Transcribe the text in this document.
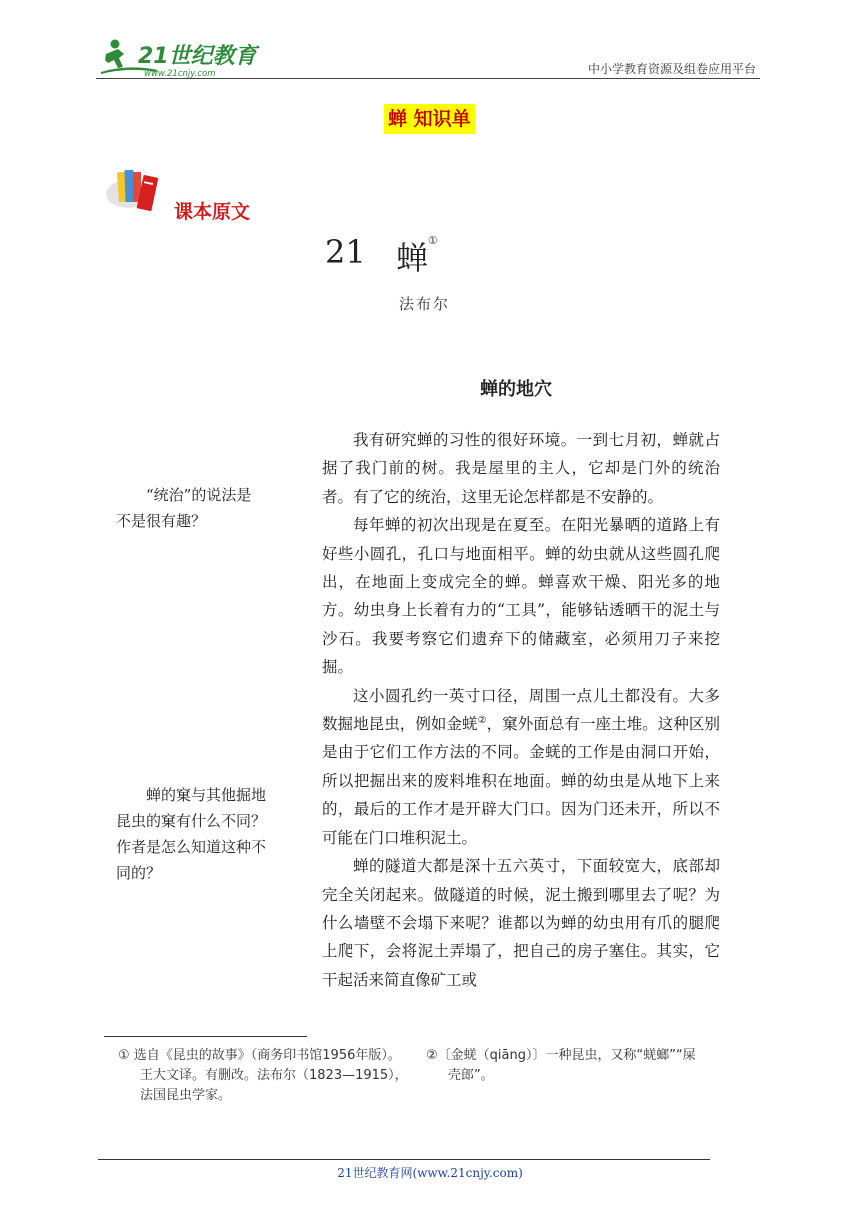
21世纪教育
www.21cnjy.com	中小学教育资源及组卷应用平台
蝉 知识单
课本原文
21 蝉 ①
法布尔
蝉的地穴

我有研究蝉的习性的很好环境。一到七月初，蝉就占据了我门前的树。我是屋里的主人，它却是门外的统治者。有了它的统治，这里无论怎样都是不安静的。

每年蝉的初次出现是在夏至。在阳光暴晒的道路上有好些小圆孔，孔口与地面相平。蝉的幼虫就从这些圆孔爬出，在地面上变成完全的蝉。蝉喜欢干燥、阳光多的地方。幼虫身上长着有力的“工具”，能够钻透晒干的泥土与沙石。我要考察它们遗弃下的储藏室，必须用刀子来挖掘。

这小圆孔约一英寸口径，周围一点儿土都没有。大多数掘地昆虫，例如金蜣②，窠外面总有一座土堆。这种区别是由于它们工作方法的不同。金蜣的工作是由洞口开始，所以把掘出来的废料堆积在地面。蝉的幼虫是从地下上来的，最后的工作才是开辟大门口。因为门还未开，所以不可能在门口堆积泥土。

蝉的隧道大都是深十五六英寸，下面较宽大，底部却完全关闭起来。做隧道的时候，泥土搬到哪里去了呢？为什么墙壁不会塌下来呢？谁都以为蝉的幼虫用有爪的腿爬上爬下，会将泥土弄塌了，把自己的房子塞住。其实，它干起活来简直像矿工或

“统治”的说法是
不是很有趣？
蝉的窠与其他掘地
昆虫的窠有什么不同？
作者是怎么知道这种不
同的？
① 选自《昆虫的故事》（商务印书馆1956年版）。
王大文译。有删改。法布尔（1823—1915），
法国昆虫学家。
②〔金蜣（qiāng）〕一种昆虫，又称“蜣螂”“屎
壳郎”。
21世纪教育网(www.21cnjy.com)
